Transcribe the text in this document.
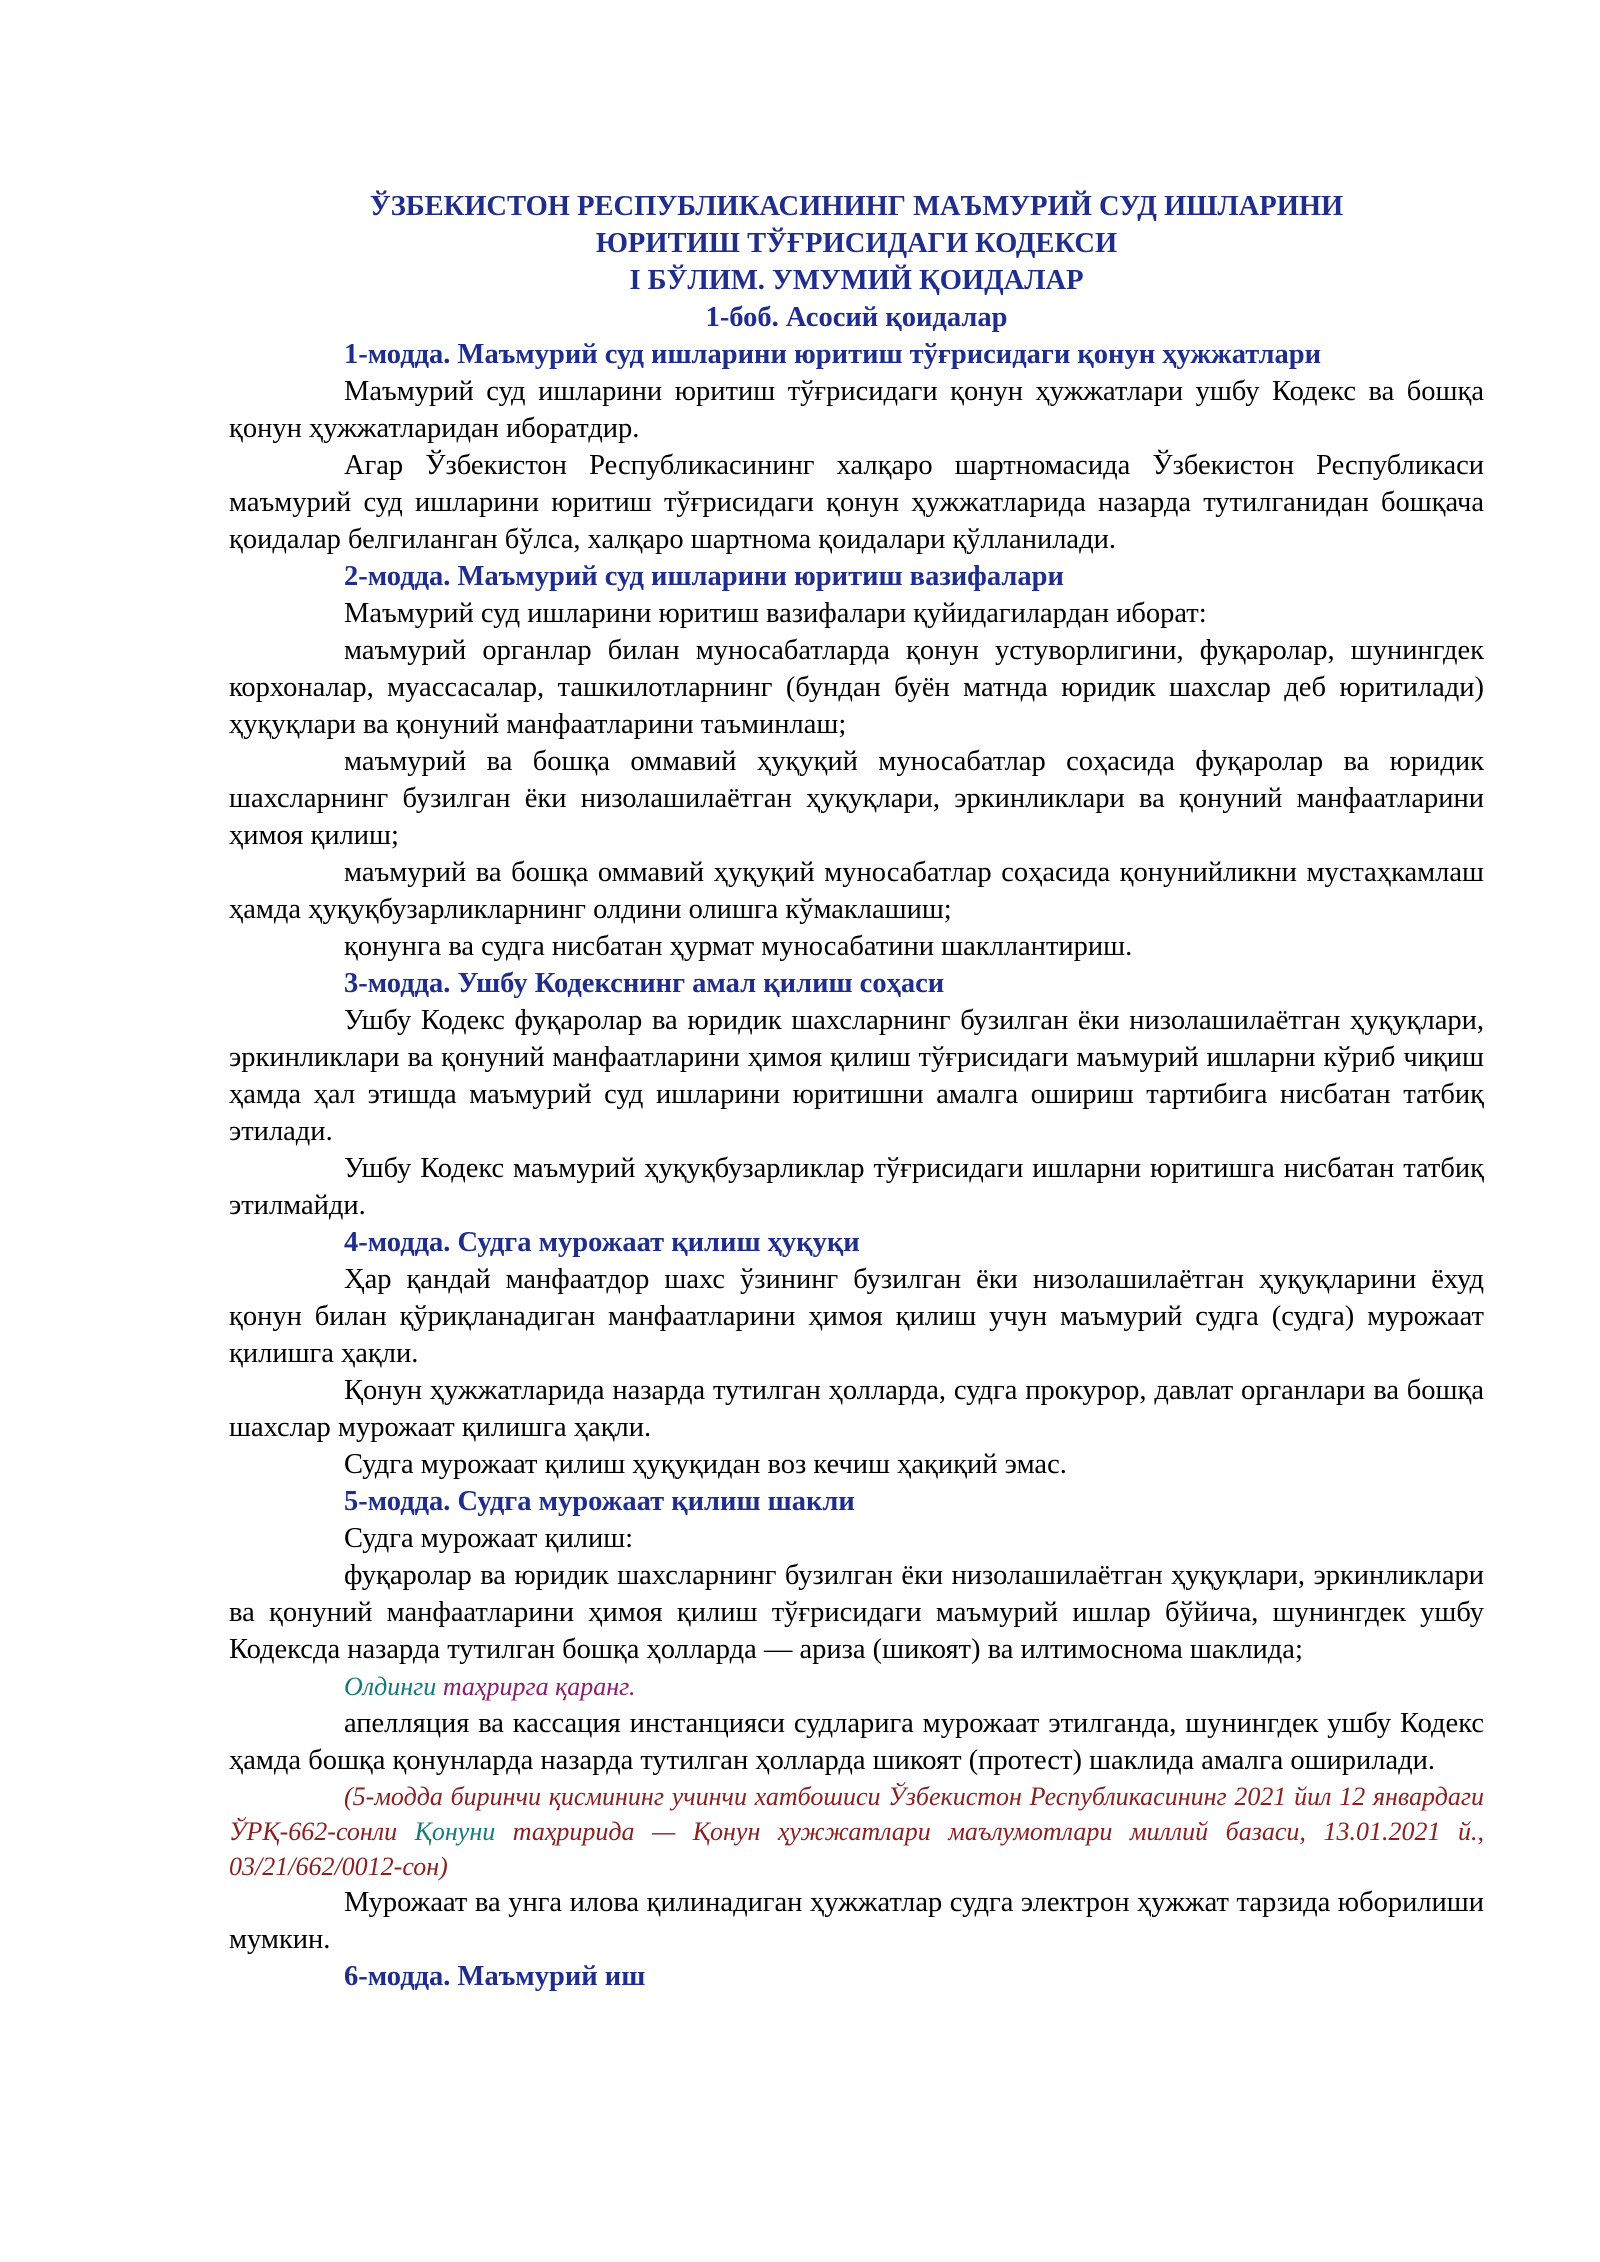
ЎЗБЕКИСТОН РЕСПУБЛИКАСИНИНГ МАЪМУРИЙ СУД ИШЛАРИНИ
ЮРИТИШ ТЎҒРИСИДАГИ КОДЕКСИ
I БЎЛИМ. УМУМИЙ ҚОИДАЛАР
1-боб. Асосий қоидалар
1-модда. Маъмурий суд ишларини юритиш тўғрисидаги қонун ҳужжатлари

Маъмурий суд ишларини юритиш тўғрисидаги қонун ҳужжатлари ушбу Кодекс ва бошқа қонун ҳужжатларидан иборатдир.

Агар Ўзбекистон Республикасининг халқаро шартномасида Ўзбекистон Республикаси маъмурий суд ишларини юритиш тўғрисидаги қонун ҳужжатларида назарда тутилганидан бошқача қоидалар белгиланган бўлса, халқаро шартнома қоидалари қўлланилади.

2-модда. Маъмурий суд ишларини юритиш вазифалари

Маъмурий суд ишларини юритиш вазифалари қуйидагилардан иборат:

маъмурий органлар билан муносабатларда қонун устуворлигини, фуқаролар, шунингдек корхоналар, муассасалар, ташкилотларнинг (бундан буён матнда юридик шахслар деб юритилади) ҳуқуқлари ва қонуний манфаатларини таъминлаш;

маъмурий ва бошқа оммавий ҳуқуқий муносабатлар соҳасида фуқаролар ва юридик шахсларнинг бузилган ёки низолашилаётган ҳуқуқлари, эркинликлари ва қонуний манфаатларини ҳимоя қилиш;

маъмурий ва бошқа оммавий ҳуқуқий муносабатлар соҳасида қонунийликни мустаҳкамлаш ҳамда ҳуқуқбузарликларнинг олдини олишга кўмаклашиш;

қонунга ва судга нисбатан ҳурмат муносабатини шакллантириш.

3-модда. Ушбу Кодекснинг амал қилиш соҳаси

Ушбу Кодекс фуқаролар ва юридик шахсларнинг бузилган ёки низолашилаётган ҳуқуқлари, эркинликлари ва қонуний манфаатларини ҳимоя қилиш тўғрисидаги маъмурий ишларни кўриб чиқиш ҳамда ҳал этишда маъмурий суд ишларини юритишни амалга ошириш тартибига нисбатан татбиқ этилади.

Ушбу Кодекс маъмурий ҳуқуқбузарликлар тўғрисидаги ишларни юритишга нисбатан татбиқ этилмайди.

4-модда. Судга мурожаат қилиш ҳуқуқи

Ҳар қандай манфаатдор шахс ўзининг бузилган ёки низолашилаётган ҳуқуқларини ёхуд қонун билан қўриқланадиган манфаатларини ҳимоя қилиш учун маъмурий судга (судга) мурожаат қилишга ҳақли.

Қонун ҳужжатларида назарда тутилган ҳолларда, судга прокурор, давлат органлари ва бошқа шахслар мурожаат қилишга ҳақли.

Судга мурожаат қилиш ҳуқуқидан воз кечиш ҳақиқий эмас.

5-модда. Судга мурожаат қилиш шакли

Судга мурожаат қилиш:

фуқаролар ва юридик шахсларнинг бузилган ёки низолашилаётган ҳуқуқлари, эркинликлари ва қонуний манфаатларини ҳимоя қилиш тўғрисидаги маъмурий ишлар бўйича, шунингдек ушбу Кодексда назарда тутилган бошқа ҳолларда — ариза (шикоят) ва илтимоснома шаклида;

Олдинги таҳрирга қаранг.

апелляция ва кассация инстанцияси судларига мурожаат этилганда, шунингдек ушбу Кодекс ҳамда бошқа қонунларда назарда тутилган ҳолларда шикоят (протест) шаклида амалга оширилади.

(5-модда биринчи қисмининг учинчи хатбошиси Ўзбекистон Республикасининг 2021 йил 12 январдаги ЎРҚ-662-сонли Қонуни таҳририда — Қонун ҳужжатлари маълумотлари миллий базаси, 13.01.2021 й., 03/21/662/0012-сон)

Мурожаат ва унга илова қилинадиган ҳужжатлар судга электрон ҳужжат тарзида юборилиши мумкин.

6-модда. Маъмурий иш
